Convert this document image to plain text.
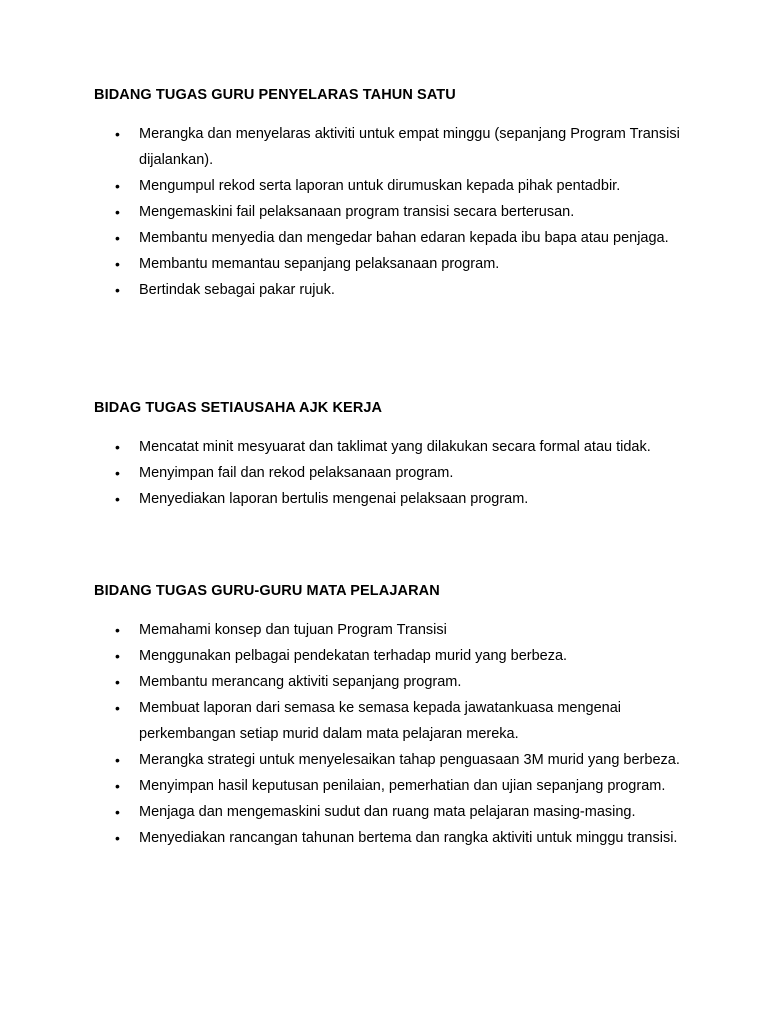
BIDANG TUGAS GURU PENYELARAS TAHUN SATU

• Merangka dan menyelaras aktiviti untuk empat minggu (sepanjang Program Transisi dijalankan).
• Mengumpul rekod serta laporan untuk dirumuskan kepada pihak pentadbir.
• Mengemaskini fail pelaksanaan program transisi secara berterusan.
• Membantu menyedia dan mengedar bahan edaran kepada ibu bapa atau penjaga.
• Membantu memantau sepanjang pelaksanaan program.
• Bertindak sebagai pakar rujuk.

BIDAG TUGAS SETIAUSAHA AJK KERJA

• Mencatat minit mesyuarat dan taklimat yang dilakukan secara formal atau tidak.
• Menyimpan fail dan rekod pelaksanaan program.
• Menyediakan laporan bertulis mengenai pelaksaan program.

BIDANG TUGAS GURU-GURU MATA PELAJARAN

• Memahami konsep dan tujuan Program Transisi
• Menggunakan pelbagai pendekatan terhadap murid yang berbeza.
• Membantu merancang aktiviti sepanjang program.
• Membuat laporan dari semasa ke semasa kepada jawatankuasa mengenai perkembangan setiap murid dalam mata pelajaran mereka.
• Merangka strategi untuk menyelesaikan tahap penguasaan 3M murid yang berbeza.
• Menyimpan hasil keputusan penilaian, pemerhatian dan ujian sepanjang program.
• Menjaga dan mengemaskini sudut dan ruang mata pelajaran masing-masing.
• Menyediakan rancangan tahunan bertema dan rangka aktiviti untuk minggu transisi.
